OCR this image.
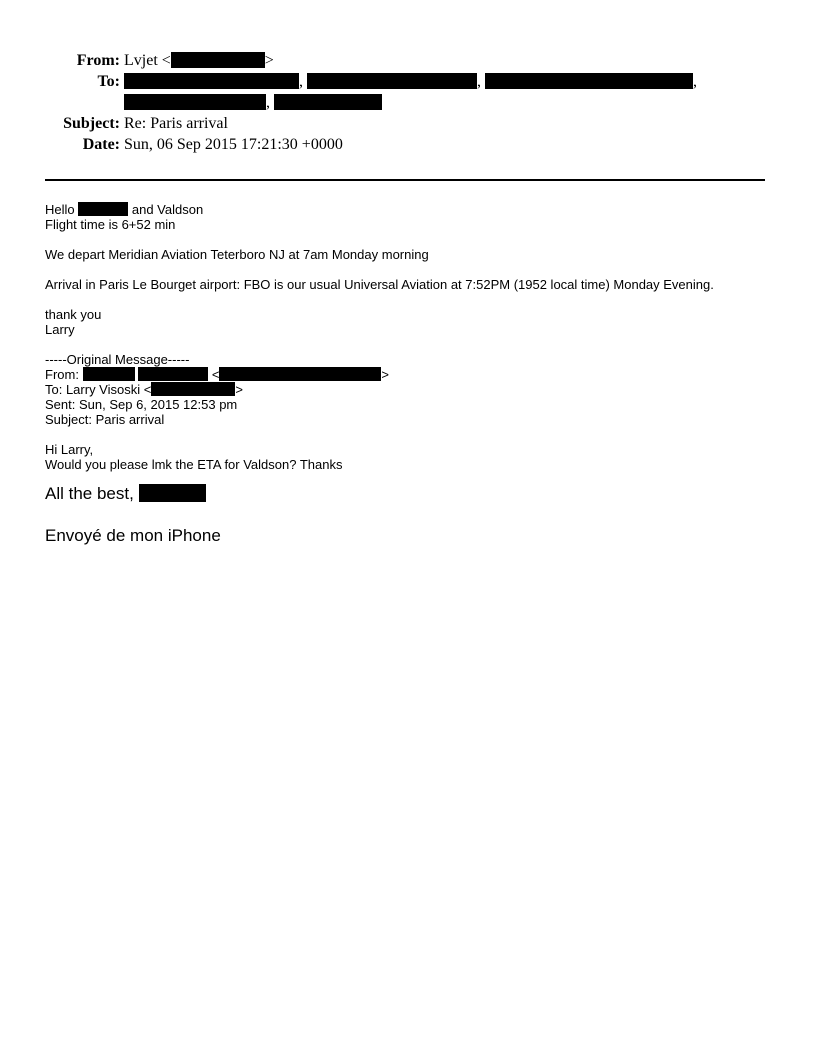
From: Lvjet <	>
To:	,	,	,
,
Subject: Re: Paris arrival
Date: Sun, 06 Sep 2015 17:21:30 +0000

Hello	and Valdson

Flight time is 6+52 min

We depart Meridian Aviation Teterboro NJ at 7am Monday morning

Arrival in Paris Le Bourget airport: FBO is our usual Universal Aviation at 7:52PM (1952 local time) Monday Evening.

thank you

Larry

-----Original Message-----

From:	<	>

To: Larry Visoski <	>

Sent: Sun, Sep 6, 2015 12:53 pm

Subject: Paris arrival

Hi Larry,

Would you please lmk the ETA for Valdson? Thanks

All the best,

Envoyé de mon iPhone
